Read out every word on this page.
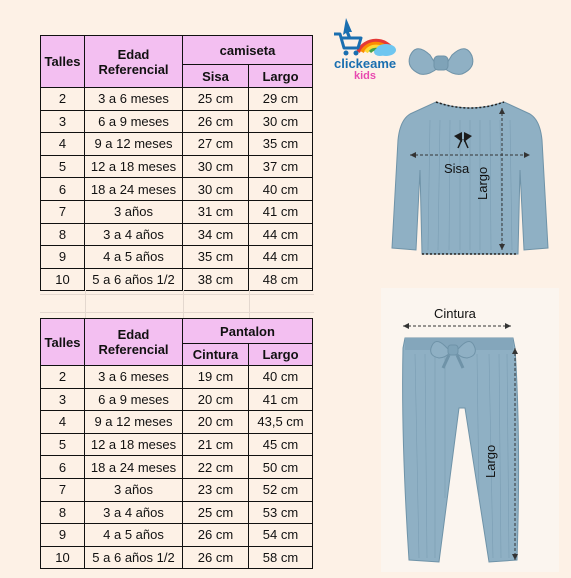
Talles	Edad Referencial	camiseta	
		Sisa	Largo
2	3 a 6 meses	25 cm	29 cm
3	6 a 9 meses	26 cm	30 cm
4	9 a 12 meses	27 cm	35 cm
5	12 a 18 meses	30 cm	37 cm
6	18 a 24 meses	30 cm	40 cm
7	3 años	31 cm	41 cm
8	3 a 4 años	34 cm	44 cm
9	4 a 5 años	35 cm	44 cm
10	5 a 6 años 1/2	38 cm	48 cm
Talles	Edad Referencial	Pantalon	
		Cintura	Largo
2	3 a 6 meses	19 cm	40 cm
3	6 a 9 meses	20 cm	41 cm
4	9 a 12 meses	20 cm	43,5 cm
5	12 a 18 meses	21 cm	45 cm
6	18 a 24 meses	22 cm	50 cm
7	3 años	23 cm	52 cm
8	3 a 4 años	25 cm	53 cm
9	4 a 5 años	26 cm	54 cm
10	5 a 6 años 1/2	26 cm	58 cm
clickeame
kids
Sisa Largo
Cintura
Largo
